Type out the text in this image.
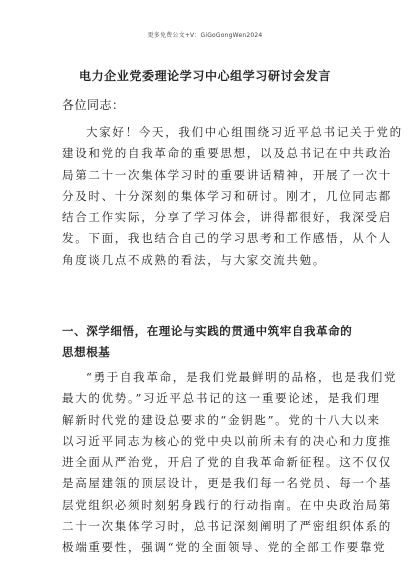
更多免费公文+V：GiGoGongWen2024
电力企业党委理论学习中心组学习研讨会发言
各位同志：
大家好！今天，我们中心组围绕习近平总书记关于党的
建设和党的自我革命的重要思想，以及总书记在中共政治
局第二十一次集体学习时的重要讲话精神，开展了一次十
分及时、十分深刻的集体学习和研讨。刚才，几位同志都
结合工作实际，分享了学习体会，讲得都很好，我深受启
发。下面，我也结合自己的学习思考和工作感悟，从个人
角度谈几点不成熟的看法，与大家交流共勉。
一、深学细悟，在理论与实践的贯通中筑牢自我革命的
思想根基
“勇于自我革命，是我们党最鲜明的品格，也是我们党
最大的优势。”习近平总书记的这一重要论述，是我们理
解新时代党的建设总要求的“金钥匙”。党的十八大以来
以习近平同志为核心的党中央以前所未有的决心和力度推
进全面从严治党，开启了党的自我革命新征程。这不仅仅
是高屋建瓴的顶层设计，更是我们每一名党员、每一个基
层党组织必须时刻躬身践行的行动指南。在中央政治局第
二十一次集体学习时，总书记深刻阐明了严密组织体系的
极端重要性，强调“党的全面领导、党的全部工作要靠党
